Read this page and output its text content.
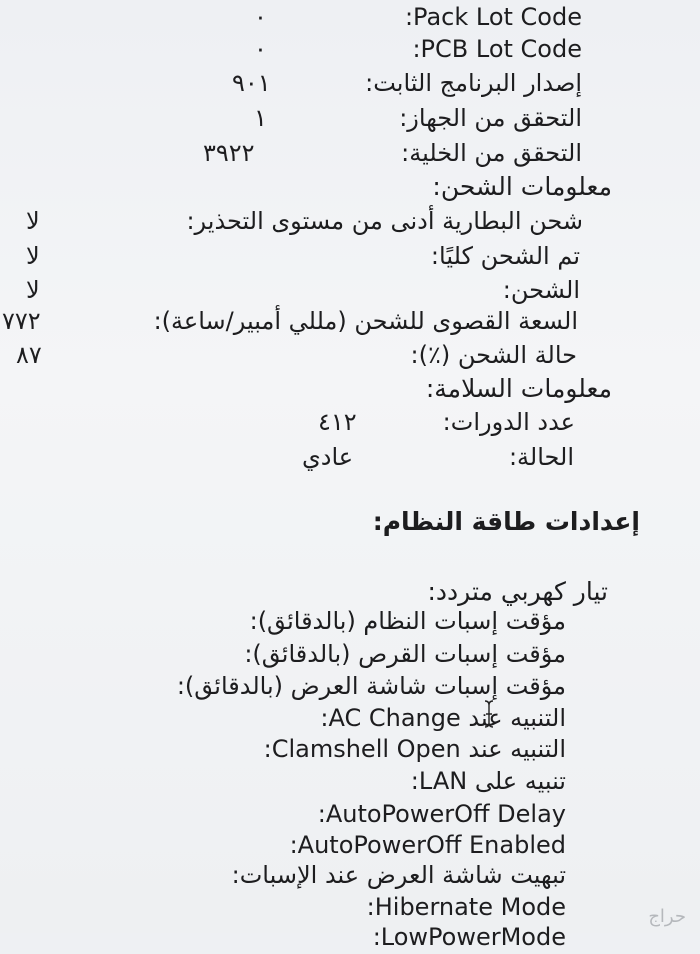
:Pack Lot Code
٠
:PCB Lot Code
٠
إصدار البرنامج الثابت:
٩٠١
التحقق من الجهاز:
١
التحقق من الخلية:
٣٩٢٢
معلومات الشحن:
شحن البطارية أدنى من مستوى التحذير:
لا
تم الشحن كليًا:
لا
الشحن:
لا
السعة القصوى للشحن (مللي أمبير/ساعة):
٧٧٢
حالة الشحن (٪):
٨٧
معلومات السلامة:
عدد الدورات:
٤١٢
الحالة:
عادي
إعدادات طاقة النظام:
تيار كهربي متردد:
مؤقت إسبات النظام (بالدقائق):
مؤقت إسبات القرص (بالدقائق):
مؤقت إسبات شاشة العرض (بالدقائق):
التنبيه عند AC Change:
التنبيه عند Clamshell Open:
تنبيه على LAN:
:AutoPowerOff Delay
:AutoPowerOff Enabled
تبهيت شاشة العرض عند الإسبات:
:Hibernate Mode
:LowPowerMode
حراج
